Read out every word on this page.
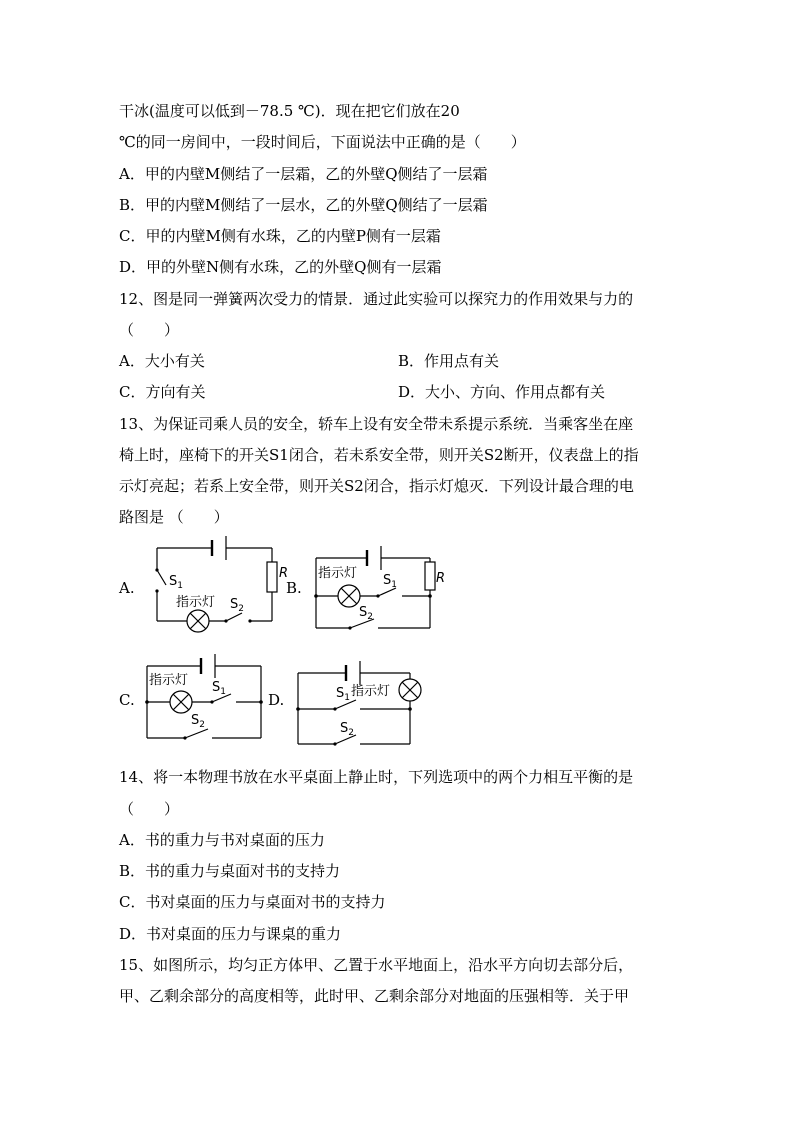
干冰(温度可以低到－78.5 ℃)．现在把它们放在20
℃的同一房间中，一段时间后，下面说法中正确的是（　　）
A．甲的内壁M侧结了一层霜，乙的外壁Q侧结了一层霜
B．甲的内壁M侧结了一层水，乙的外壁Q侧结了一层霜
C．甲的内壁M侧有水珠，乙的内壁P侧有一层霜
D．甲的外壁N侧有水珠，乙的外壁Q侧有一层霜
12、图是同一弹簧两次受力的情景．通过此实验可以探究力的作用效果与力的
（　　）
A．大小有关	B．作用点有关
C．方向有关	D．大小、方向、作用点都有关
13、为保证司乘人员的安全，轿车上设有安全带未系提示系统．当乘客坐在座
椅上时，座椅下的开关S1闭合，若未系安全带，则开关S2断开，仪表盘上的指
示灯亮起；若系上安全带，则开关S2闭合，指示灯熄灭．下列设计最合理的电
路图是 （　　）
A.	B.
C.	D.
$S_1$
指示灯 $S_2$
R 指示灯 $S_1$	R
$S_2$
指示灯 $S_1$
$S_2$
$S_1$ 指示灯
$S_2$
14、将一本物理书放在水平桌面上静止时，下列选项中的两个力相互平衡的是
（　　）
A．书的重力与书对桌面的压力
B．书的重力与桌面对书的支持力
C．书对桌面的压力与桌面对书的支持力
D．书对桌面的压力与课桌的重力
15、如图所示，均匀正方体甲、乙置于水平地面上，沿水平方向切去部分后，
甲、乙剩余部分的高度相等，此时甲、乙剩余部分对地面的压强相等．关于甲
